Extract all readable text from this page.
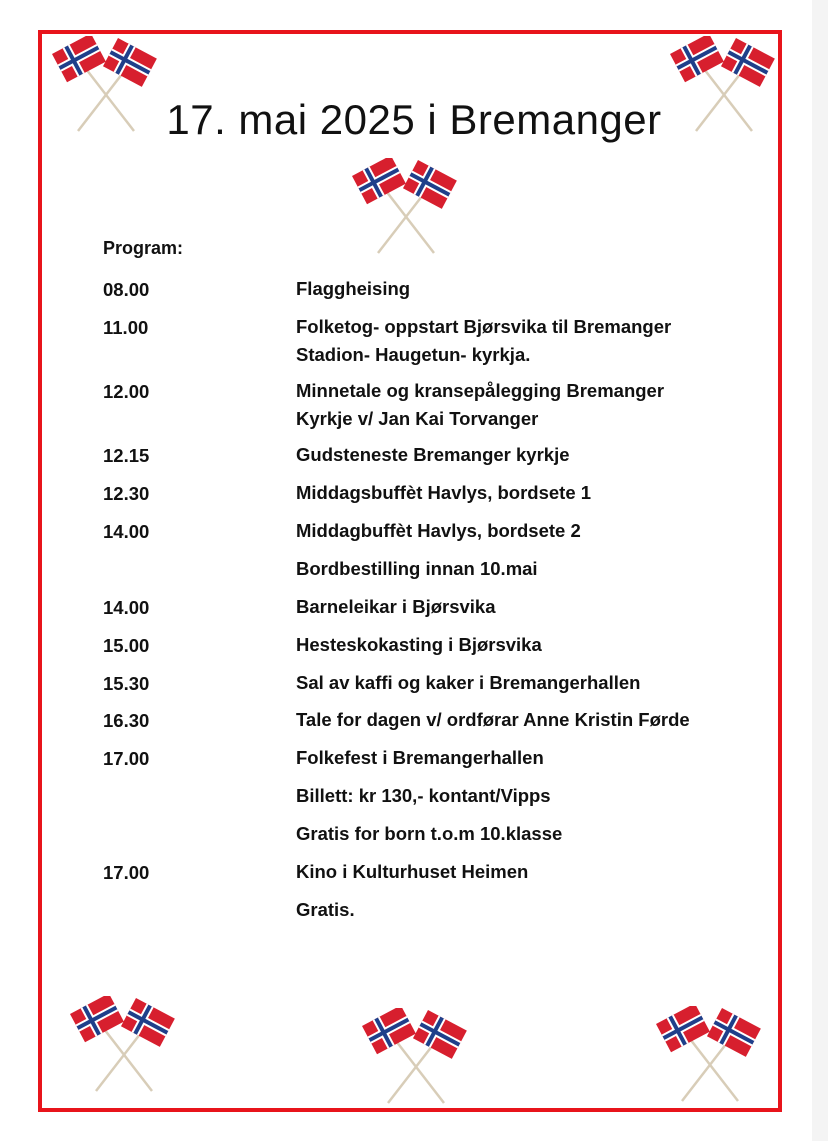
17. mai 2025 i Bremanger
Program:
08.00	Flaggheising
11.00	Folketog- oppstart Bjørsvika til Bremanger
Stadion- Haugetun- kyrkja.
12.00	Minnetale og kransepålegging Bremanger
Kyrkje v/ Jan Kai Torvanger
12.15	Gudsteneste Bremanger kyrkje
12.30	Middagsbuffèt Havlys, bordsete 1
14.00	Middagbuffèt Havlys, bordsete 2
Bordbestilling innan 10.mai
14.00	Barneleikar i Bjørsvika
15.00	Hesteskokasting i Bjørsvika
15.30	Sal av kaffi og kaker i Bremangerhallen
16.30	Tale for dagen v/ ordførar Anne Kristin Førde
17.00	Folkefest i Bremangerhallen
Billett: kr 130,- kontant/Vipps
Gratis for born t.o.m 10.klasse
17.00	Kino i Kulturhuset Heimen
Gratis.
